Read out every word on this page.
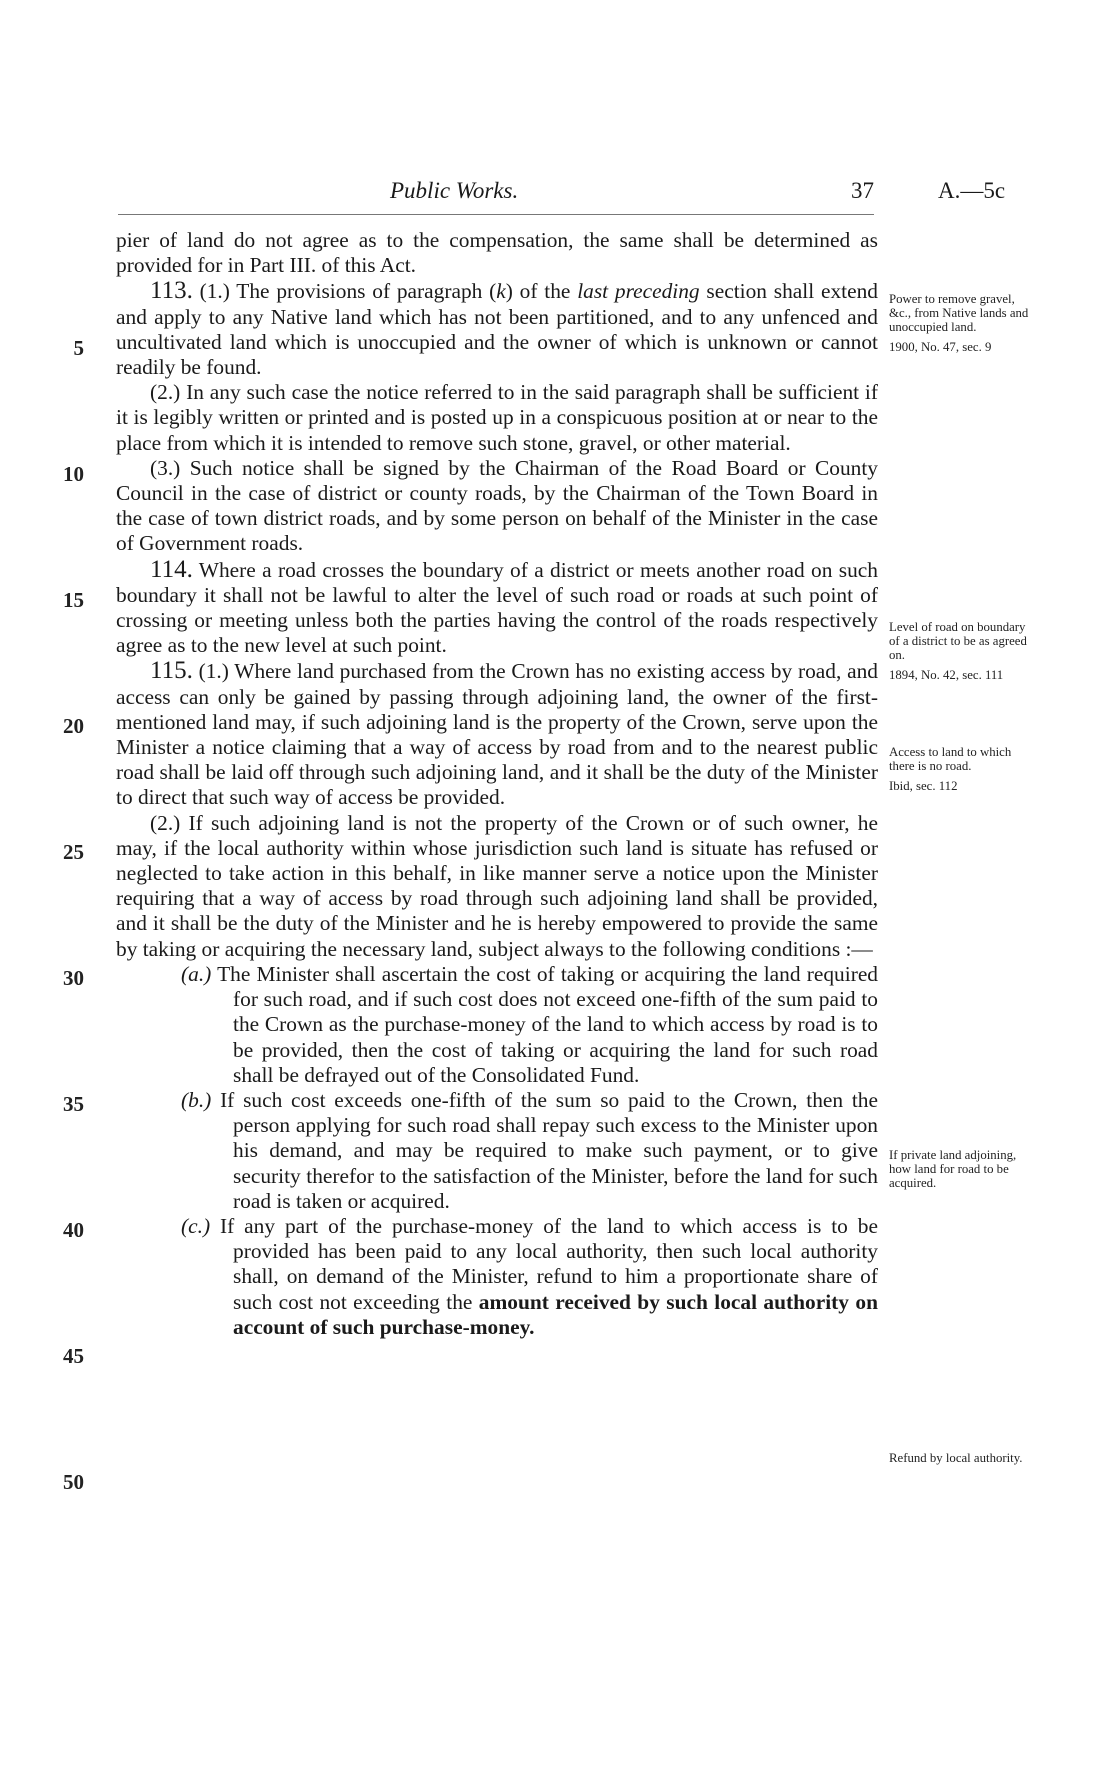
Public Works.	37	A.—5c

pier of land do not agree as to the compensation, the same shall be determined as provided for in Part III. of this Act.

113. (1.) The provisions of paragraph (k) of the last preceding section shall extend and apply to any Native land which has not been partitioned, and to any unfenced and uncultivated land which is unoccupied and the owner of which is unknown or cannot readily be found.

(2.) In any such case the notice referred to in the said paragraph shall be sufficient if it is legibly written or printed and is posted up in a conspicuous position at or near to the place from which it is intended to remove such stone, gravel, or other material.

(3.) Such notice shall be signed by the Chairman of the Road Board or County Council in the case of district or county roads, by the Chairman of the Town Board in the case of town district roads, and by some person on behalf of the Minister in the case of Government roads.

114. Where a road crosses the boundary of a district or meets another road on such boundary it shall not be lawful to alter the level of such road or roads at such point of crossing or meeting unless both the parties having the control of the roads respectively agree as to the new level at such point.

115. (1.) Where land purchased from the Crown has no existing access by road, and access can only be gained by passing through adjoining land, the owner of the first-mentioned land may, if such adjoining land is the property of the Crown, serve upon the Minister a notice claiming that a way of access by road from and to the nearest public road shall be laid off through such adjoining land, and it shall be the duty of the Minister to direct that such way of access be provided.

(2.) If such adjoining land is not the property of the Crown or of such owner, he may, if the local authority within whose jurisdiction such land is situate has refused or neglected to take action in this behalf, in like manner serve a notice upon the Minister requiring that a way of access by road through such adjoining land shall be provided, and it shall be the duty of the Minister and he is hereby empowered to provide the same by taking or acquiring the necessary land, subject always to the following conditions :—

(a.) The Minister shall ascertain the cost of taking or acquiring the land required for such road, and if such cost does not exceed one-fifth of the sum paid to the Crown as the purchase-money of the land to which access by road is to be provided, then the cost of taking or acquiring the land for such road shall be defrayed out of the Consolidated Fund.

(b.) If such cost exceeds one-fifth of the sum so paid to the Crown, then the person applying for such road shall repay such excess to the Minister upon his demand, and may be required to make such payment, or to give security therefor to the satisfaction of the Minister, before the land for such road is taken or acquired.

(c.) If any part of the purchase-money of the land to which access is to be provided has been paid to any local authority, then such local authority shall, on demand of the Minister, refund to him a proportionate share of such cost not exceeding the amount received by such local authority on account of such purchase-money.

5
10
15
20
25
30
35
40
45
50
Power to remove gravel, &c., from Native lands and unoccupied land.
1900, No. 47, sec. 9
Level of road on boundary of a district to be as agreed on.
1894, No. 42, sec. 111
Access to land to which there is no road.
Ibid, sec. 112
If private land adjoining, how land for road to be acquired.
Refund by local authority.
